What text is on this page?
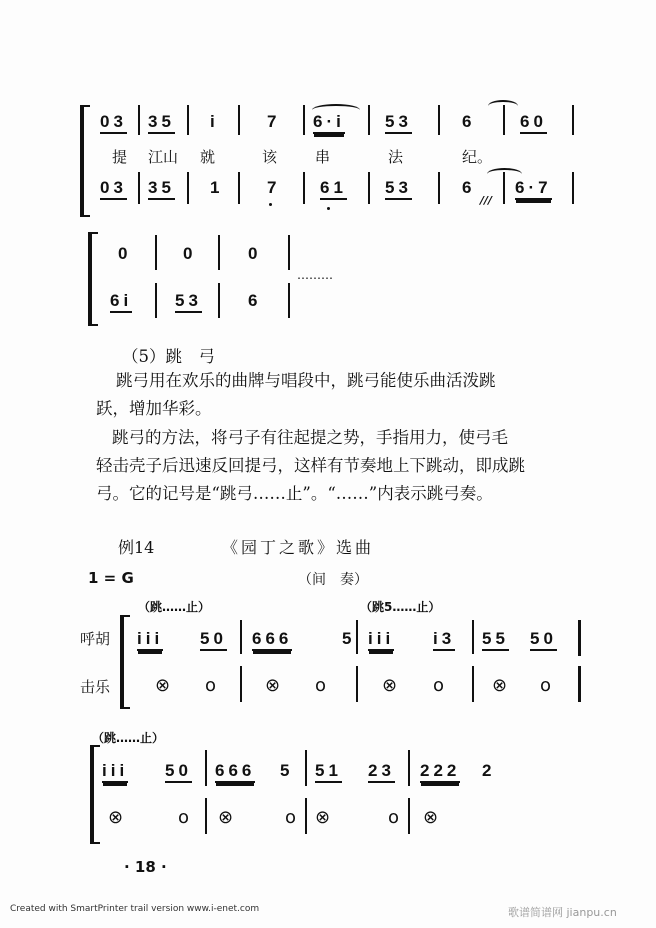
03 35 i	7 6·i 53	6	60
提 江山 就	该	串	法	纪。
03 35 1	7 61 53	6
///
6·7
0	0	0
………
6i	53	6
（5）跳　弓
跳弓用在欢乐的曲牌与唱段中，跳弓能使乐曲活泼跳
跃，增加华彩。
跳弓的方法，将弓子有往起提之势，手指用力，使弓毛
轻击壳子后迅速反回提弓，这样有节奏地上下跳动，即成跳
弓。它的记号是“跳弓……止”。“……”内表示跳弓奏。
例14	《园丁之歌》选曲
1 = G	（间　奏）
（跳……止）	（跳5……止）
呼胡
击乐
iii 50 666	5 iii i3 55 50
⊗ o	⊗ o	⊗ o	⊗ o
（跳……止）
iii 50 666 5 51 23 222 2
⊗	o ⊗	o ⊗	o ⊗
· 18 ·
Created with SmartPrinter trail version www.i-enet.com	歌谱简谱网 jianpu.cn
